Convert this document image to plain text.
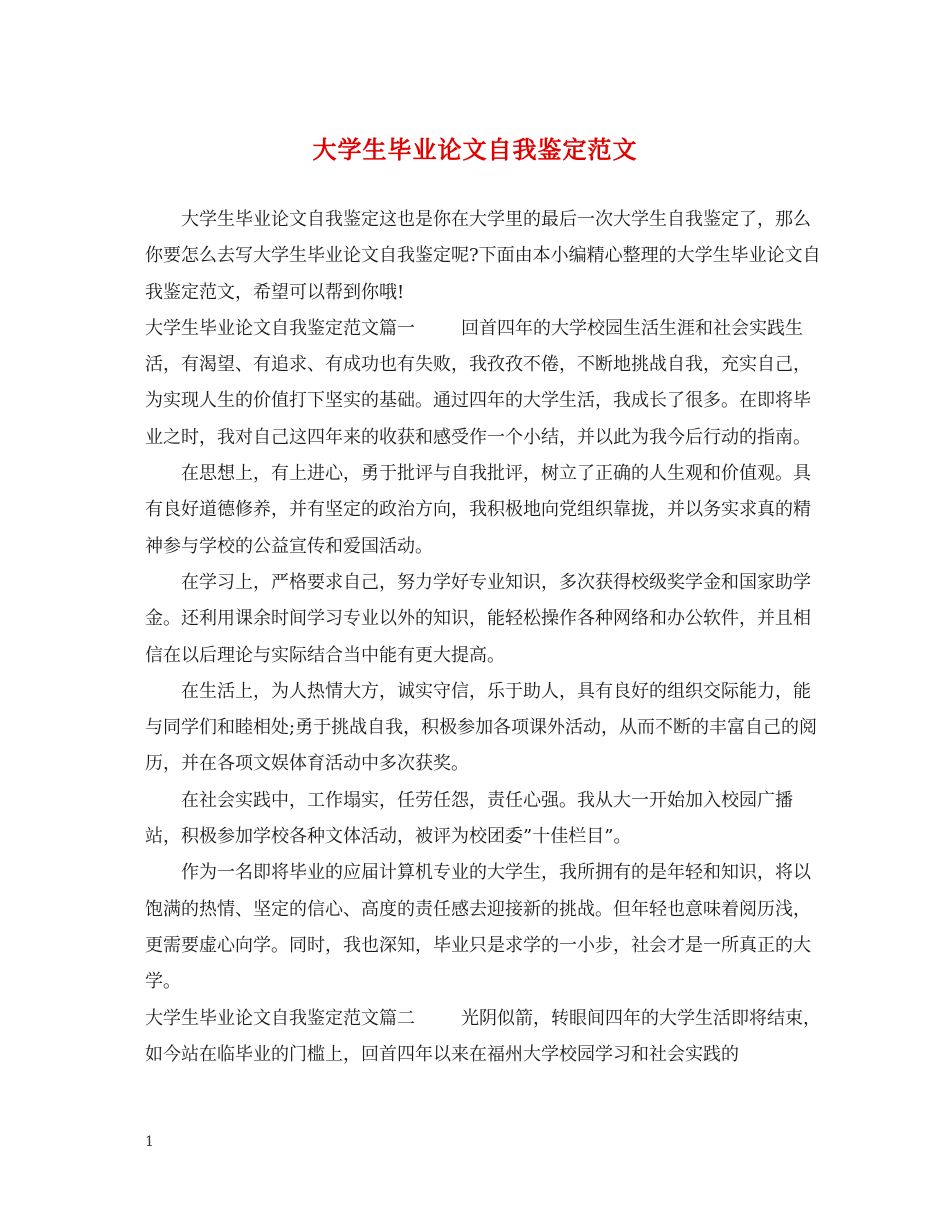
大学生毕业论文自我鉴定范文

大学生毕业论文自我鉴定这也是你在大学里的最后一次大学生自我鉴定了，那么你要怎么去写大学生毕业论文自我鉴定呢?下面由本小编精心整理的大学生毕业论文自我鉴定范文，希望可以帮到你哦!

大学生毕业论文自我鉴定范文篇一	回首四年的大学校园生活生涯和社会实践生活，有渴望、有追求、有成功也有失败，我孜孜不倦，不断地挑战自我，充实自己，为实现人生的价值打下坚实的基础。通过四年的大学生活，我成长了很多。在即将毕业之时，我对自己这四年来的收获和感受作一个小结，并以此为我今后行动的指南。

在思想上，有上进心，勇于批评与自我批评，树立了正确的人生观和价值观。具有良好道德修养，并有坚定的政治方向，我积极地向党组织靠拢，并以务实求真的精神参与学校的公益宣传和爱国活动。

在学习上，严格要求自己，努力学好专业知识，多次获得校级奖学金和国家助学金。还利用课余时间学习专业以外的知识，能轻松操作各种网络和办公软件，并且相信在以后理论与实际结合当中能有更大提高。

在生活上，为人热情大方，诚实守信，乐于助人，具有良好的组织交际能力，能与同学们和睦相处;勇于挑战自我，积极参加各项课外活动，从而不断的丰富自己的阅历，并在各项文娱体育活动中多次获奖。

在社会实践中，工作塌实，任劳任怨，责任心强。我从大一开始加入校园广播站，积极参加学校各种文体活动，被评为校团委”十佳栏目”。

作为一名即将毕业的应届计算机专业的大学生，我所拥有的是年轻和知识，将以饱满的热情、坚定的信心、高度的责任感去迎接新的挑战。但年轻也意味着阅历浅，更需要虚心向学。同时，我也深知，毕业只是求学的一小步，社会才是一所真正的大学。

大学生毕业论文自我鉴定范文篇二	光阴似箭，转眼间四年的大学生活即将结束，如今站在临毕业的门槛上，回首四年以来在福州大学校园学习和社会实践的

1
